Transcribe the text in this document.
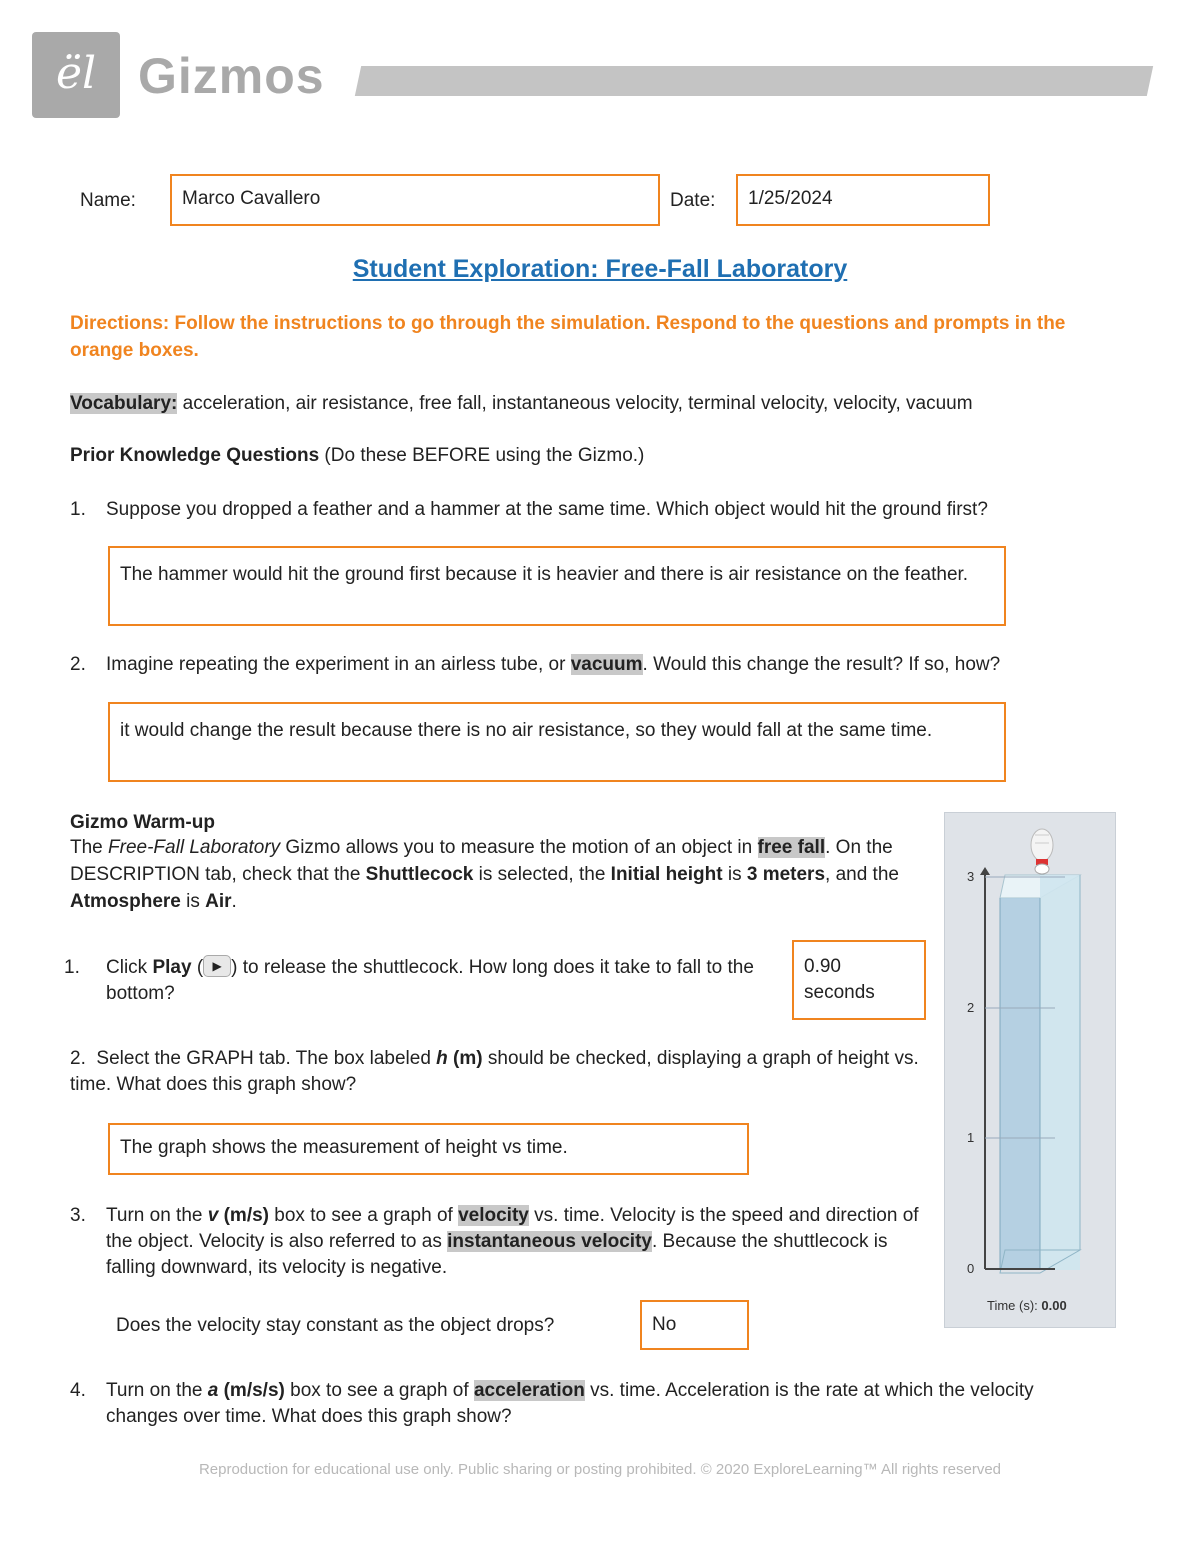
ël Gizmos
Name:	Marco Cavallero	Date:	1/25/2024
Student Exploration: Free-Fall Laboratory
Directions: Follow the instructions to go through the simulation. Respond to the questions and prompts in the orange boxes.
Vocabulary: acceleration, air resistance, free fall, instantaneous velocity, terminal velocity, velocity, vacuum
Prior Knowledge Questions (Do these BEFORE using the Gizmo.)
1. Suppose you dropped a feather and a hammer at the same time. Which object would hit the ground first?
The hammer would hit the ground first because it is heavier and there is air resistance on the feather.
2. Imagine repeating the experiment in an airless tube, or vacuum. Would this change the result? If so, how?
it would change the result because there is no air resistance, so they would fall at the same time.
Gizmo Warm-up
The Free-Fall Laboratory Gizmo allows you to measure the motion of an object in free fall. On the DESCRIPTION tab, check that the Shuttlecock is selected, the Initial height is 3 meters, and the Atmosphere is Air.
1. Click Play ( ▶ ) to release the shuttlecock. How long does it take to fall to the bottom?
0.90 seconds
2. Select the GRAPH tab. The box labeled h (m) should be checked, displaying a graph of height vs. time. What does this graph show?
The graph shows the measurement of height vs time.
3. Turn on the v (m/s) box to see a graph of velocity vs. time. Velocity is the speed and direction of the object. Velocity is also referred to as instantaneous velocity. Because the shuttlecock is falling downward, its velocity is negative.
Does the velocity stay constant as the object drops?	No
4. Turn on the a (m/s/s) box to see a graph of acceleration vs. time. Acceleration is the rate at which the velocity changes over time. What does this graph show?
3
2
1
0
Time (s): 0.00
Reproduction for educational use only. Public sharing or posting prohibited. © 2020 ExploreLearning™ All rights reserved
